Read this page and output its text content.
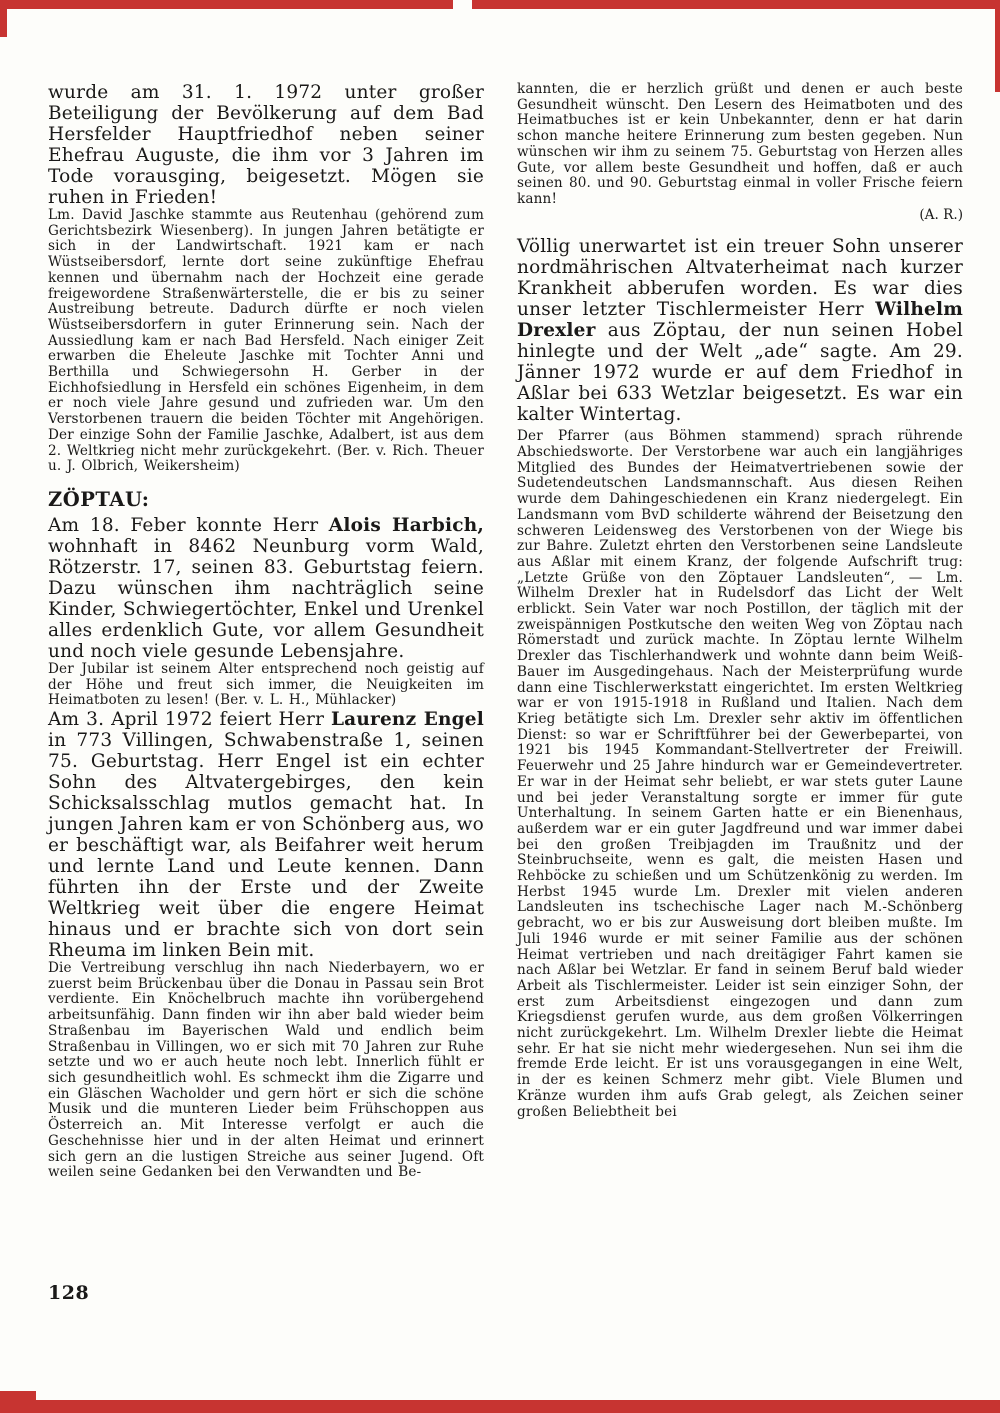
wurde am 31. 1. 1972 unter großer Beteiligung der Bevölkerung auf dem Bad Hersfelder Hauptfriedhof neben seiner Ehefrau Auguste, die ihm vor 3 Jahren im Tode vorausging, beigesetzt. Mögen sie ruhen in Frieden!

Lm. David Jaschke stammte aus Reutenhau (gehörend zum Gerichtsbezirk Wiesenberg). In jungen Jahren betätigte er sich in der Landwirtschaft. 1921 kam er nach Wüstseibersdorf, lernte dort seine zukünftige Ehefrau kennen und übernahm nach der Hochzeit eine gerade freigewordene Straßenwärterstelle, die er bis zu seiner Austreibung betreute. Dadurch dürfte er noch vielen Wüstseibersdorfern in guter Erinnerung sein. Nach der Aussiedlung kam er nach Bad Hersfeld. Nach einiger Zeit erwarben die Eheleute Jaschke mit Tochter Anni und Berthilla und Schwiegersohn H. Gerber in der Eichhofsiedlung in Hersfeld ein schönes Eigenheim, in dem er noch viele Jahre gesund und zufrieden war. Um den Verstorbenen trauern die beiden Töchter mit Angehörigen. Der einzige Sohn der Familie Jaschke, Adalbert, ist aus dem 2. Weltkrieg nicht mehr zurückgekehrt. (Ber. v. Rich. Theuer u. J. Olbrich, Weikersheim)

ZÖPTAU:

Am 18. Feber konnte Herr Alois Harbich, wohnhaft in 8462 Neunburg vorm Wald, Rötzerstr. 17, seinen 83. Geburtstag feiern. Dazu wünschen ihm nachträglich seine Kinder, Schwiegertöchter, Enkel und Urenkel alles erdenklich Gute, vor allem Gesundheit und noch viele gesunde Lebensjahre.

Der Jubilar ist seinem Alter entsprechend noch geistig auf der Höhe und freut sich immer, die Neuigkeiten im Heimatboten zu lesen! (Ber. v. L. H., Mühlacker)

Am 3. April 1972 feiert Herr Laurenz Engel in 773 Villingen, Schwabenstraße 1, seinen 75. Geburtstag. Herr Engel ist ein echter Sohn des Altvatergebirges, den kein Schicksalsschlag mutlos gemacht hat. In jungen Jahren kam er von Schönberg aus, wo er beschäftigt war, als Beifahrer weit herum und lernte Land und Leute kennen. Dann führten ihn der Erste und der Zweite Weltkrieg weit über die engere Heimat hinaus und er brachte sich von dort sein Rheuma im linken Bein mit.

Die Vertreibung verschlug ihn nach Niederbayern, wo er zuerst beim Brückenbau über die Donau in Passau sein Brot verdiente. Ein Knöchelbruch machte ihn vorübergehend arbeitsunfähig. Dann finden wir ihn aber bald wieder beim Straßenbau im Bayerischen Wald und endlich beim Straßenbau in Villingen, wo er sich mit 70 Jahren zur Ruhe setzte und wo er auch heute noch lebt. Innerlich fühlt er sich gesundheitlich wohl. Es schmeckt ihm die Zigarre und ein Gläschen Wacholder und gern hört er sich die schöne Musik und die munteren Lieder beim Frühschoppen aus Österreich an. Mit Interesse verfolgt er auch die Geschehnisse hier und in der alten Heimat und erinnert sich gern an die lustigen Streiche aus seiner Jugend. Oft weilen seine Gedanken bei den Verwandten und Be-

kannten, die er herzlich grüßt und denen er auch beste Gesundheit wünscht. Den Lesern des Heimatboten und des Heimatbuches ist er kein Unbekannter, denn er hat darin schon manche heitere Erinnerung zum besten gegeben. Nun wünschen wir ihm zu seinem 75. Geburtstag von Herzen alles Gute, vor allem beste Gesundheit und hoffen, daß er auch seinen 80. und 90. Geburtstag einmal in voller Frische feiern kann!

(A. R.)

Völlig unerwartet ist ein treuer Sohn unserer nordmährischen Altvaterheimat nach kurzer Krankheit abberufen worden. Es war dies unser letzter Tischlermeister Herr Wilhelm Drexler aus Zöptau, der nun seinen Hobel hinlegte und der Welt „ade“ sagte. Am 29. Jänner 1972 wurde er auf dem Friedhof in Aßlar bei 633 Wetzlar beigesetzt. Es war ein kalter Wintertag.

Der Pfarrer (aus Böhmen stammend) sprach rührende Abschiedsworte. Der Verstorbene war auch ein langjähriges Mitglied des Bundes der Heimatvertriebenen sowie der Sudetendeutschen Landsmannschaft. Aus diesen Reihen wurde dem Dahingeschiedenen ein Kranz niedergelegt. Ein Landsmann vom BvD schilderte während der Beisetzung den schweren Leidensweg des Verstorbenen von der Wiege bis zur Bahre. Zuletzt ehrten den Verstorbenen seine Landsleute aus Aßlar mit einem Kranz, der folgende Aufschrift trug: „Letzte Grüße von den Zöptauer Landsleuten“, — Lm. Wilhelm Drexler hat in Rudelsdorf das Licht der Welt erblickt. Sein Vater war noch Postillon, der täglich mit der zweispännigen Postkutsche den weiten Weg von Zöptau nach Römerstadt und zurück machte. In Zöptau lernte Wilhelm Drexler das Tischlerhandwerk und wohnte dann beim Weiß-Bauer im Ausgedingehaus. Nach der Meisterprüfung wurde dann eine Tischlerwerkstatt eingerichtet. Im ersten Weltkrieg war er von 1915-1918 in Rußland und Italien. Nach dem Krieg betätigte sich Lm. Drexler sehr aktiv im öffentlichen Dienst: so war er Schriftführer bei der Gewerbepartei, von 1921 bis 1945 Kommandant-Stellvertreter der Freiwill. Feuerwehr und 25 Jahre hindurch war er Gemeindevertreter. Er war in der Heimat sehr beliebt, er war stets guter Laune und bei jeder Veranstaltung sorgte er immer für gute Unterhaltung. In seinem Garten hatte er ein Bienenhaus, außerdem war er ein guter Jagdfreund und war immer dabei bei den großen Treibjagden im Traußnitz und der Steinbruchseite, wenn es galt, die meisten Hasen und Rehböcke zu schießen und um Schützenkönig zu werden. Im Herbst 1945 wurde Lm. Drexler mit vielen anderen Landsleuten ins tschechische Lager nach M.-Schönberg gebracht, wo er bis zur Ausweisung dort bleiben mußte. Im Juli 1946 wurde er mit seiner Familie aus der schönen Heimat vertrieben und nach dreitägiger Fahrt kamen sie nach Aßlar bei Wetzlar. Er fand in seinem Beruf bald wieder Arbeit als Tischlermeister. Leider ist sein einziger Sohn, der erst zum Arbeitsdienst eingezogen und dann zum Kriegsdienst gerufen wurde, aus dem großen Völkerringen nicht zurückgekehrt. Lm. Wilhelm Drexler liebte die Heimat sehr. Er hat sie nicht mehr wiedergesehen. Nun sei ihm die fremde Erde leicht. Er ist uns vorausgegangen in eine Welt, in der es keinen Schmerz mehr gibt. Viele Blumen und Kränze wurden ihm aufs Grab gelegt, als Zeichen seiner großen Beliebtheit bei

128
